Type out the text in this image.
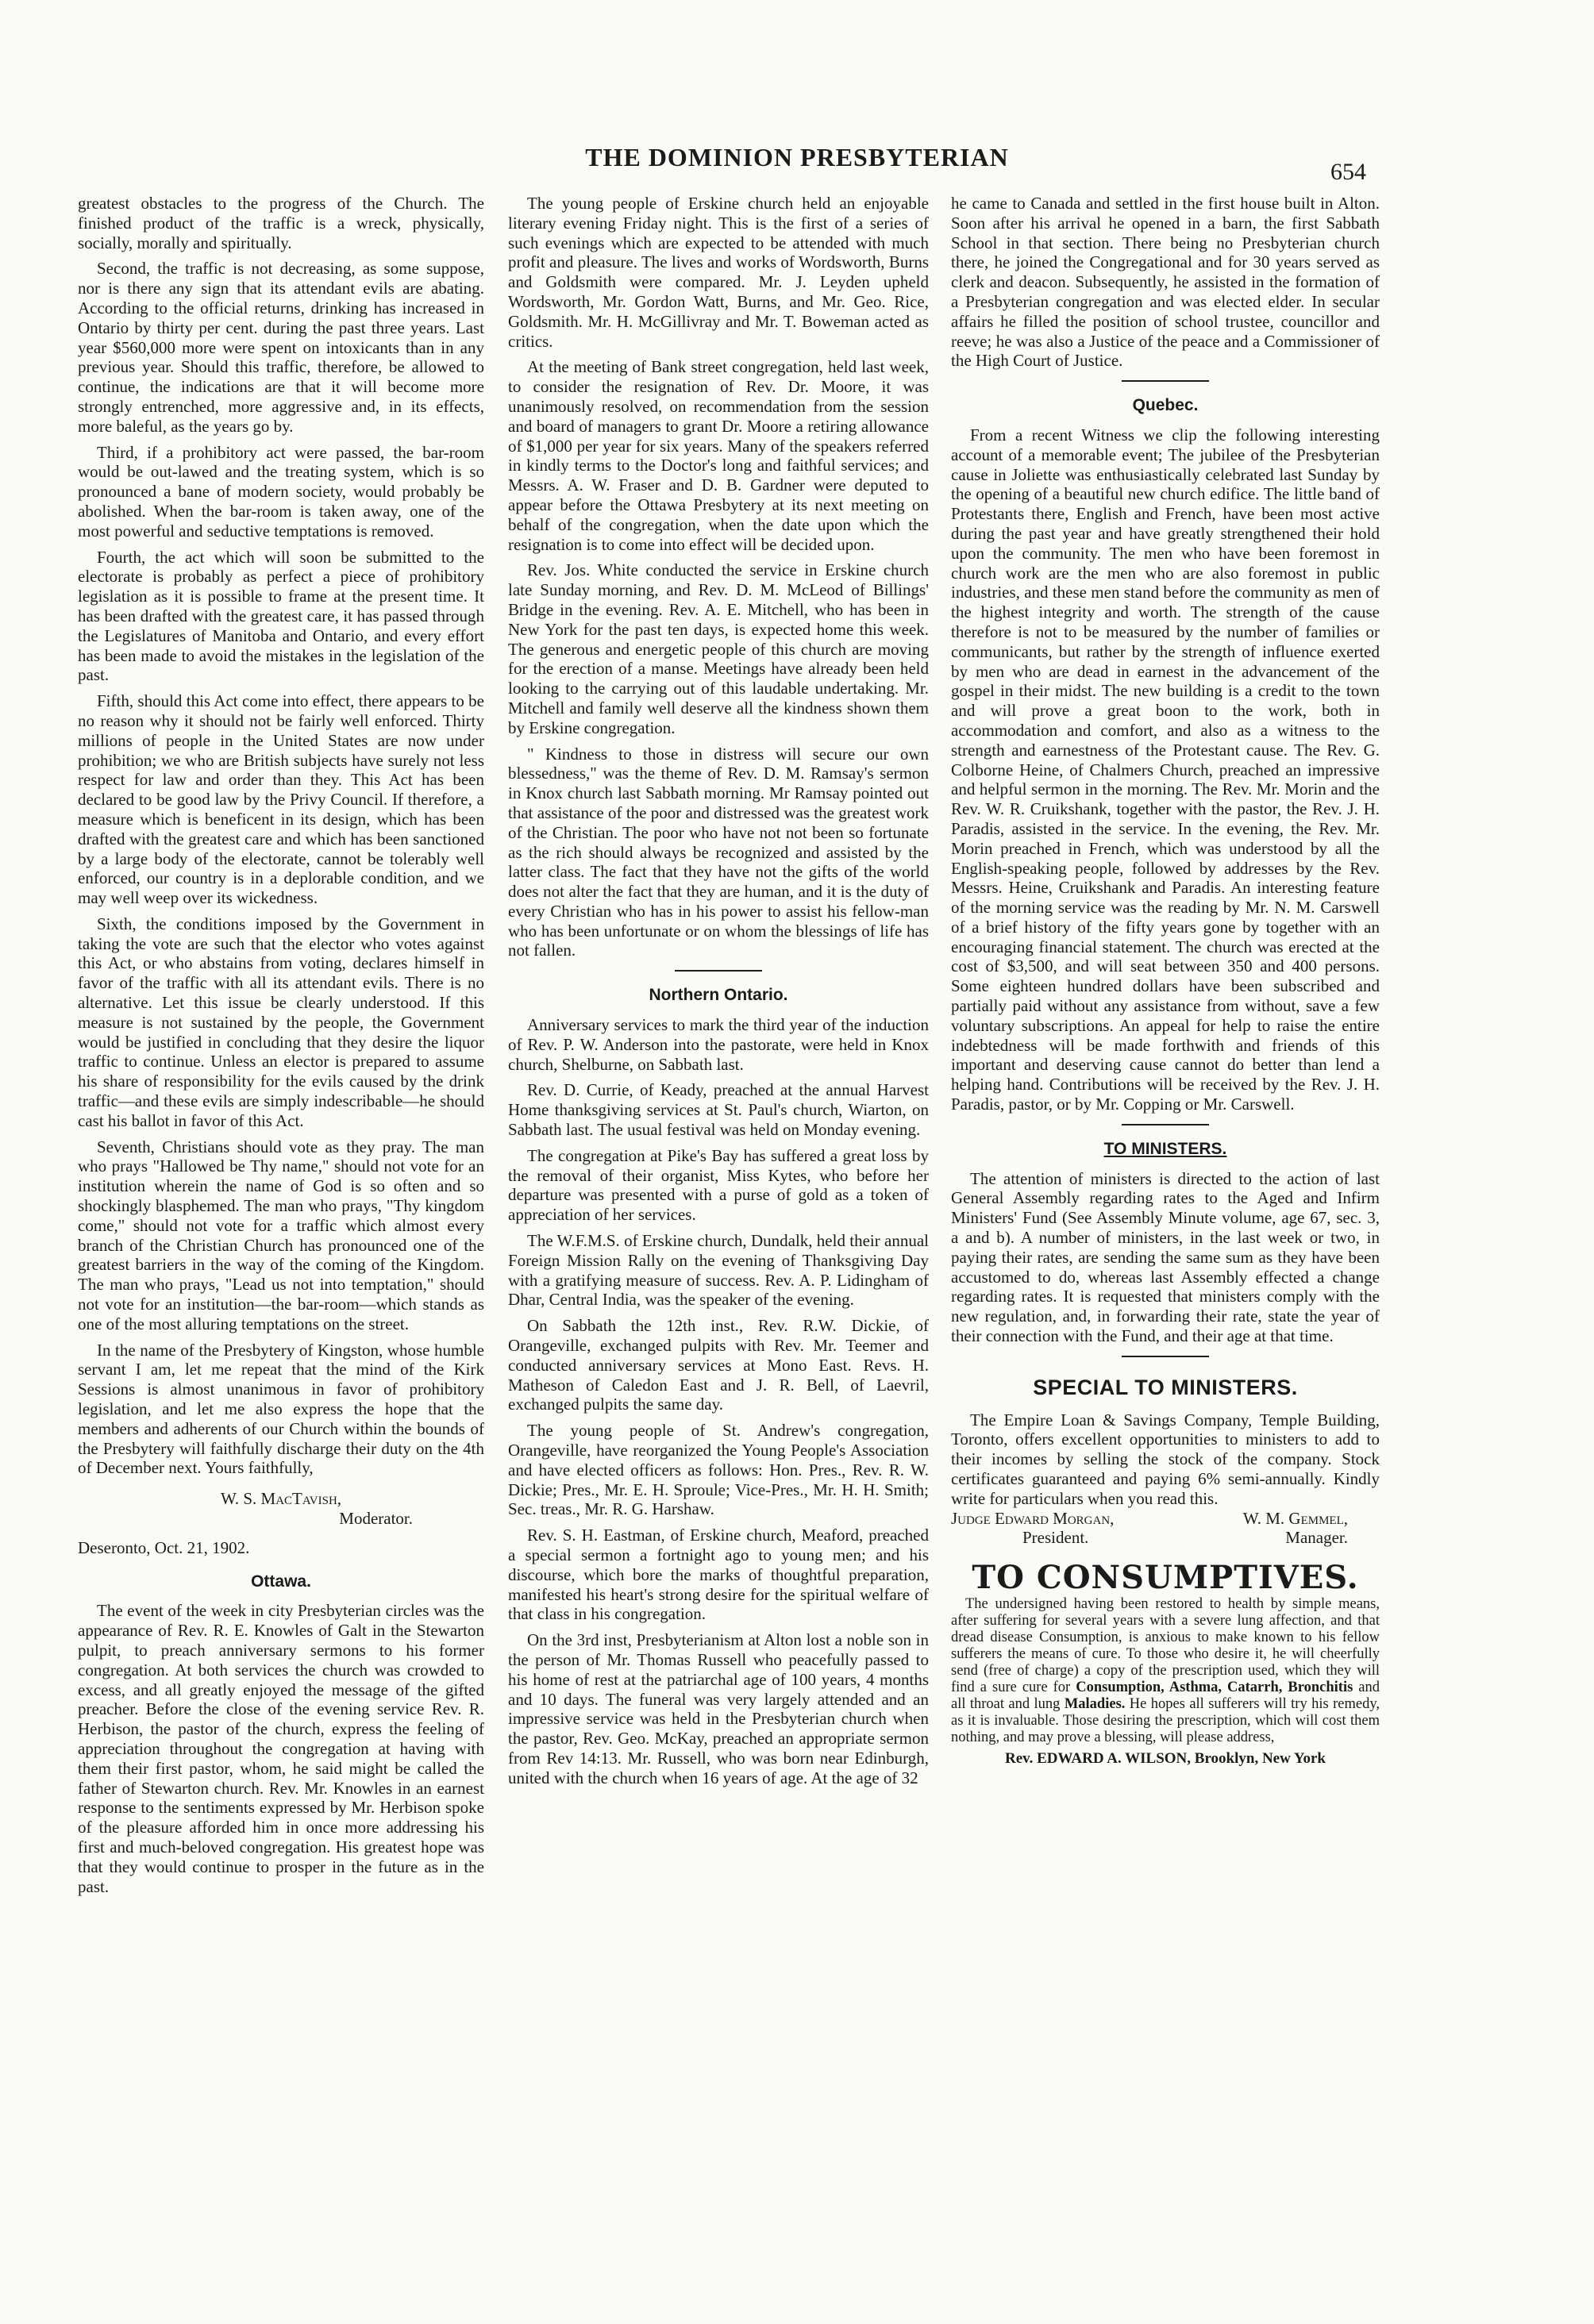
THE DOMINION PRESBYTERIAN
654

greatest obstacles to the progress of the Church. The finished product of the traffic is a wreck, physically, socially, morally and spiritually.

Second, the traffic is not decreasing, as some suppose, nor is there any sign that its attendant evils are abating. According to the official returns, drinking has increased in Ontario by thirty per cent. during the past three years. Last year $560,000 more were spent on intoxicants than in any previous year. Should this traffic, therefore, be allowed to continue, the indications are that it will become more strongly entrenched, more aggressive and, in its effects, more baleful, as the years go by.

Third, if a prohibitory act were passed, the bar-room would be out-lawed and the treating system, which is so pronounced a bane of modern society, would probably be abolished. When the bar-room is taken away, one of the most powerful and seductive temptations is removed.

Fourth, the act which will soon be submitted to the electorate is probably as perfect a piece of prohibitory legislation as it is possible to frame at the present time. It has been drafted with the greatest care, it has passed through the Legislatures of Manitoba and Ontario, and every effort has been made to avoid the mistakes in the legislation of the past.

Fifth, should this Act come into effect, there appears to be no reason why it should not be fairly well enforced. Thirty millions of people in the United States are now under prohibition; we who are British subjects have surely not less respect for law and order than they. This Act has been declared to be good law by the Privy Council. If therefore, a measure which is beneficent in its design, which has been drafted with the greatest care and which has been sanctioned by a large body of the electorate, cannot be tolerably well enforced, our country is in a deplorable condition, and we may well weep over its wickedness.

Sixth, the conditions imposed by the Government in taking the vote are such that the elector who votes against this Act, or who abstains from voting, declares himself in favor of the traffic with all its attendant evils. There is no alternative. Let this issue be clearly understood. If this measure is not sustained by the people, the Government would be justified in concluding that they desire the liquor traffic to continue. Unless an elector is prepared to assume his share of responsibility for the evils caused by the drink traffic—and these evils are simply indescribable—he should cast his ballot in favor of this Act.

Seventh, Christians should vote as they pray. The man who prays "Hallowed be Thy name," should not vote for an institution wherein the name of God is so often and so shockingly blasphemed. The man who prays, "Thy kingdom come," should not vote for a traffic which almost every branch of the Christian Church has pronounced one of the greatest barriers in the way of the coming of the Kingdom. The man who prays, "Lead us not into temptation," should not vote for an institution—the bar-room—which stands as one of the most alluring temptations on the street.

In the name of the Presbytery of Kingston, whose humble servant I am, let me repeat that the mind of the Kirk Sessions is almost unanimous in favor of prohibitory legislation, and let me also express the hope that the members and adherents of our Church within the bounds of the Presbytery will faithfully discharge their duty on the 4th of December next. Yours faithfully,

W. S. MacTavish,

Moderator.

Deseronto, Oct. 21, 1902.

Ottawa.

The event of the week in city Presbyterian circles was the appearance of Rev. R. E. Knowles of Galt in the Stewarton pulpit, to preach anniversary sermons to his former congregation. At both services the church was crowded to excess, and all greatly enjoyed the message of the gifted preacher. Before the close of the evening service Rev. R. Herbison, the pastor of the church, express the feeling of appreciation throughout the congregation at having with them their first pastor, whom, he said might be called the father of Stewarton church. Rev. Mr. Knowles in an earnest response to the sentiments expressed by Mr. Herbison spoke of the pleasure afforded him in once more addressing his first and much-beloved congregation. His greatest hope was that they would continue to prosper in the future as in the past.

The young people of Erskine church held an enjoyable literary evening Friday night. This is the first of a series of such evenings which are expected to be attended with much profit and pleasure. The lives and works of Wordsworth, Burns and Goldsmith were compared. Mr. J. Leyden upheld Wordsworth, Mr. Gordon Watt, Burns, and Mr. Geo. Rice, Goldsmith. Mr. H. McGillivray and Mr. T. Boweman acted as critics.

At the meeting of Bank street congregation, held last week, to consider the resignation of Rev. Dr. Moore, it was unanimously resolved, on recommendation from the session and board of managers to grant Dr. Moore a retiring allowance of $1,000 per year for six years. Many of the speakers referred in kindly terms to the Doctor's long and faithful services; and Messrs. A. W. Fraser and D. B. Gardner were deputed to appear before the Ottawa Presbytery at its next meeting on behalf of the congregation, when the date upon which the resignation is to come into effect will be decided upon.

Rev. Jos. White conducted the service in Erskine church late Sunday morning, and Rev. D. M. McLeod of Billings' Bridge in the evening. Rev. A. E. Mitchell, who has been in New York for the past ten days, is expected home this week. The generous and energetic people of this church are moving for the erection of a manse. Meetings have already been held looking to the carrying out of this laudable undertaking. Mr. Mitchell and family well deserve all the kindness shown them by Erskine congregation.

" Kindness to those in distress will secure our own blessedness," was the theme of Rev. D. M. Ramsay's sermon in Knox church last Sabbath morning. Mr Ramsay pointed out that assistance of the poor and distressed was the greatest work of the Christian. The poor who have not not been so fortunate as the rich should always be recognized and assisted by the latter class. The fact that they have not the gifts of the world does not alter the fact that they are human, and it is the duty of every Christian who has in his power to assist his fellow-man who has been unfortunate or on whom the blessings of life has not fallen.

Northern Ontario.

Anniversary services to mark the third year of the induction of Rev. P. W. Anderson into the pastorate, were held in Knox church, Shelburne, on Sabbath last.

Rev. D. Currie, of Keady, preached at the annual Harvest Home thanksgiving services at St. Paul's church, Wiarton, on Sabbath last. The usual festival was held on Monday evening.

The congregation at Pike's Bay has suffered a great loss by the removal of their organist, Miss Kytes, who before her departure was presented with a purse of gold as a token of appreciation of her services.

The W.F.M.S. of Erskine church, Dundalk, held their annual Foreign Mission Rally on the evening of Thanksgiving Day with a gratifying measure of success. Rev. A. P. Lidingham of Dhar, Central India, was the speaker of the evening.

On Sabbath the 12th inst., Rev. R.W. Dickie, of Orangeville, exchanged pulpits with Rev. Mr. Teemer and conducted anniversary services at Mono East. Revs. H. Matheson of Caledon East and J. R. Bell, of Laevril, exchanged pulpits the same day.

The young people of St. Andrew's congregation, Orangeville, have reorganized the Young People's Association and have elected officers as follows: Hon. Pres., Rev. R. W. Dickie; Pres., Mr. E. H. Sproule; Vice-Pres., Mr. H. H. Smith; Sec. treas., Mr. R. G. Harshaw.

Rev. S. H. Eastman, of Erskine church, Meaford, preached a special sermon a fortnight ago to young men; and his discourse, which bore the marks of thoughtful preparation, manifested his heart's strong desire for the spiritual welfare of that class in his congregation.

On the 3rd inst, Presbyterianism at Alton lost a noble son in the person of Mr. Thomas Russell who peacefully passed to his home of rest at the patriarchal age of 100 years, 4 months and 10 days. The funeral was very largely attended and an impressive service was held in the Presbyterian church when the pastor, Rev. Geo. McKay, preached an appropriate sermon from Rev 14:13. Mr. Russell, who was born near Edinburgh, united with the church when 16 years of age. At the age of 32

he came to Canada and settled in the first house built in Alton. Soon after his arrival he opened in a barn, the first Sabbath School in that section. There being no Presbyterian church there, he joined the Congregational and for 30 years served as clerk and deacon. Subsequently, he assisted in the formation of a Presbyterian congregation and was elected elder. In secular affairs he filled the position of school trustee, councillor and reeve; he was also a Justice of the peace and a Commissioner of the High Court of Justice.

Quebec.

From a recent Witness we clip the following interesting account of a memorable event; The jubilee of the Presbyterian cause in Joliette was enthusiastically celebrated last Sunday by the opening of a beautiful new church edifice. The little band of Protestants there, English and French, have been most active during the past year and have greatly strengthened their hold upon the community. The men who have been foremost in church work are the men who are also foremost in public industries, and these men stand before the community as men of the highest integrity and worth. The strength of the cause therefore is not to be measured by the number of families or communicants, but rather by the strength of influence exerted by men who are dead in earnest in the advancement of the gospel in their midst. The new building is a credit to the town and will prove a great boon to the work, both in accommodation and comfort, and also as a witness to the strength and earnestness of the Protestant cause. The Rev. G. Colborne Heine, of Chalmers Church, preached an impressive and helpful sermon in the morning. The Rev. Mr. Morin and the Rev. W. R. Cruikshank, together with the pastor, the Rev. J. H. Paradis, assisted in the service. In the evening, the Rev. Mr. Morin preached in French, which was understood by all the English-speaking people, followed by addresses by the Rev. Messrs. Heine, Cruikshank and Paradis. An interesting feature of the morning service was the reading by Mr. N. M. Carswell of a brief history of the fifty years gone by together with an encouraging financial statement. The church was erected at the cost of $3,500, and will seat between 350 and 400 persons. Some eighteen hundred dollars have been subscribed and partially paid without any assistance from without, save a few voluntary subscriptions. An appeal for help to raise the entire indebtedness will be made forthwith and friends of this important and deserving cause cannot do better than lend a helping hand. Contributions will be received by the Rev. J. H. Paradis, pastor, or by Mr. Copping or Mr. Carswell.

TO MINISTERS.

The attention of ministers is directed to the action of last General Assembly regarding rates to the Aged and Infirm Ministers' Fund (See Assembly Minute volume, age 67, sec. 3, a and b). A number of ministers, in the last week or two, in paying their rates, are sending the same sum as they have been accustomed to do, whereas last Assembly effected a change regarding rates. It is requested that ministers comply with the new regulation, and, in forwarding their rate, state the year of their connection with the Fund, and their age at that time.

SPECIAL TO MINISTERS.

The Empire Loan & Savings Company, Temple Building, Toronto, offers excellent opportunities to ministers to add to their incomes by selling the stock of the company. Stock certificates guaranteed and paying 6% semi-annually. Kindly write for particulars when you read this.

Judge Edward Morgan,	W. M. Gemmel,
President.	Manager.
TO CONSUMPTIVES.
The undersigned having been restored to health by simple means, after suffering for several years with a severe lung affection, and that dread disease Consumption, is anxious to make known to his fellow sufferers the means of cure. To those who desire it, he will cheerfully send (free of charge) a copy of the prescription used, which they will find a sure cure for Consumption, Asthma, Catarrh, Bronchitis and all throat and lung Maladies. He hopes all sufferers will try his remedy, as it is invaluable. Those desiring the prescription, which will cost them nothing, and may prove a blessing, will please address,
Rev. EDWARD A. WILSON, Brooklyn, New York
